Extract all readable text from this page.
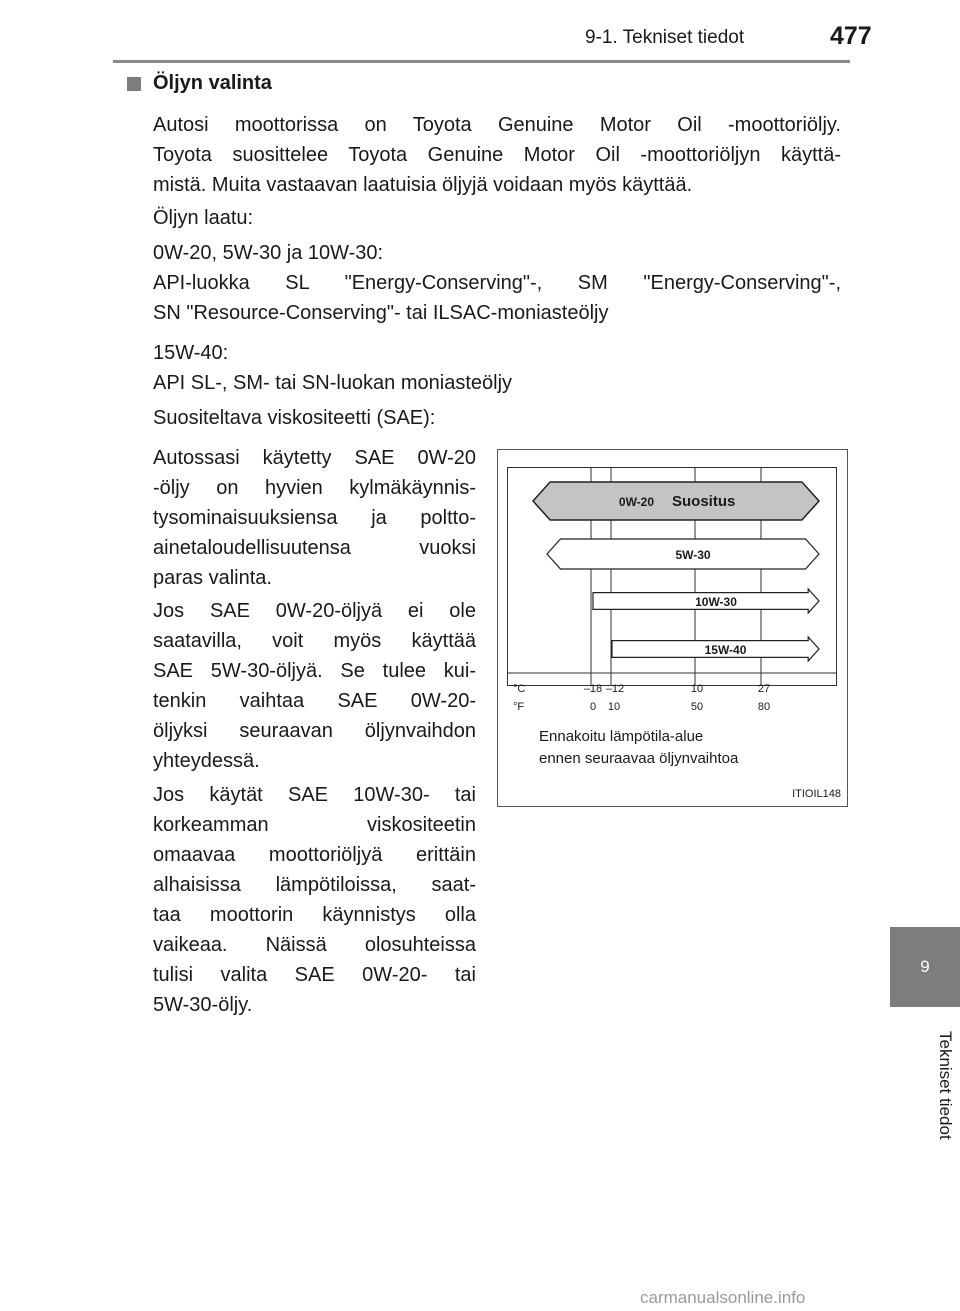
9-1. Tekniset tiedot	477
9
Tekniset tiedot
Öljyn valinta

Autosi moottorissa on Toyota Genuine Motor Oil -moottoriöljy.
Toyota suosittelee Toyota Genuine Motor Oil -moottoriöljyn käyttä-
mistä. Muita vastaavan laatuisia öljyjä voidaan myös käyttää.

Öljyn laatu:

0W-20, 5W-30 ja 10W-30:
API-luokka SL "Energy-Conserving"-, SM "Energy-Conserving"-,
SN "Resource-Conserving"- tai ILSAC-moniasteöljy

15W-40:
API SL-, SM- tai SN-luokan moniasteöljy

Suositeltava viskositeetti (SAE):

Autossasi käytetty SAE 0W-20
-öljy on hyvien kylmäkäynnis-
tysominaisuuksiensa ja poltto-
ainetaloudellisuutensa vuoksi
paras valinta.

Jos SAE 0W-20-öljyä ei ole
saatavilla, voit myös käyttää
SAE 5W-30-öljyä. Se tulee kui-
tenkin vaihtaa SAE 0W-20-
öljyksi seuraavan öljynvaihdon
yhteydessä.

Jos käytät SAE 10W-30- tai
korkeamman viskositeetin
omaavaa moottoriöljyä erittäin
alhaisissa lämpötiloissa, saat-
taa moottorin käynnistys olla
vaikeaa. Näissä olosuhteissa
tulisi valita SAE 0W-20- tai
5W-30-öljy.

0W-20 Suositus
5W-30
10W-30
15W-40
°C
°F
–18 –12	10	27
0 10	50	80
Ennakoitu lämpötila-alue
ennen seuraavaa öljynvaihtoa
ITIOIL148
carmanualsonline.info
